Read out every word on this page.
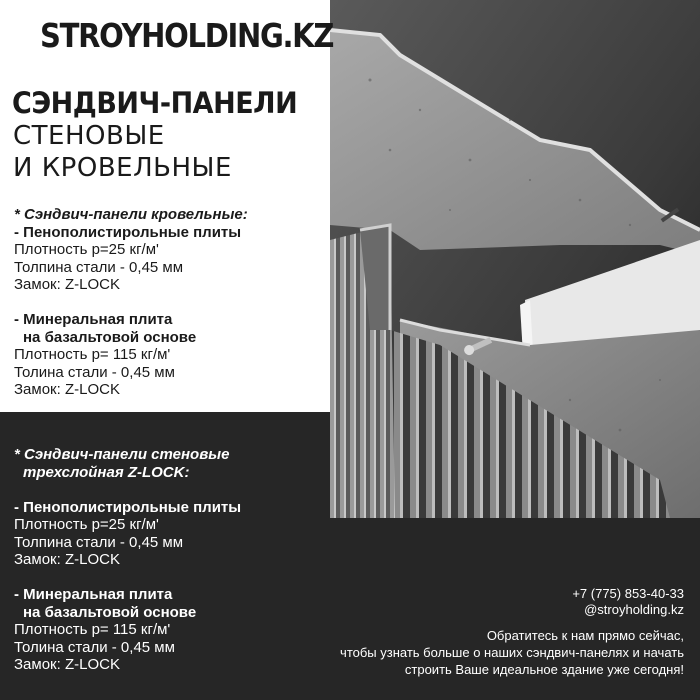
STROYHOLDING.KZ
СЭНДВИЧ-ПАНЕЛИ
СТЕНОВЫЕ
И КРОВЕЛЬНЫЕ
* Сэндвич-панели кровельные:
- Пенополистирольные плиты
Плотность p=25 кг/м'
Толпина стали - 0,45 мм
Замок: Z-LOCK
- Минеральная плита
на базальтовой основе
Плотность p= 115 кг/м'
Толина стали - 0,45 мм
Замок: Z-LOCK
* Сэндвич-панели стеновые
трехслойная Z-LOCK:
- Пенополистирольные плиты
Плотность p=25 кг/м'
Толпина стали - 0,45 мм
Замок: Z-LOCK
- Минеральная плита
на базальтовой основе
Плотность p= 115 кг/м'
Толина стали - 0,45 мм
Замок: Z-LOCK
+7 (775) 853-40-33
@stroyholding.kz
Обратитесь к нам прямо сейчас,
чтобы узнать больше о наших сэндвич-панелях и начать
строить Ваше идеальное здание уже сегодня!
